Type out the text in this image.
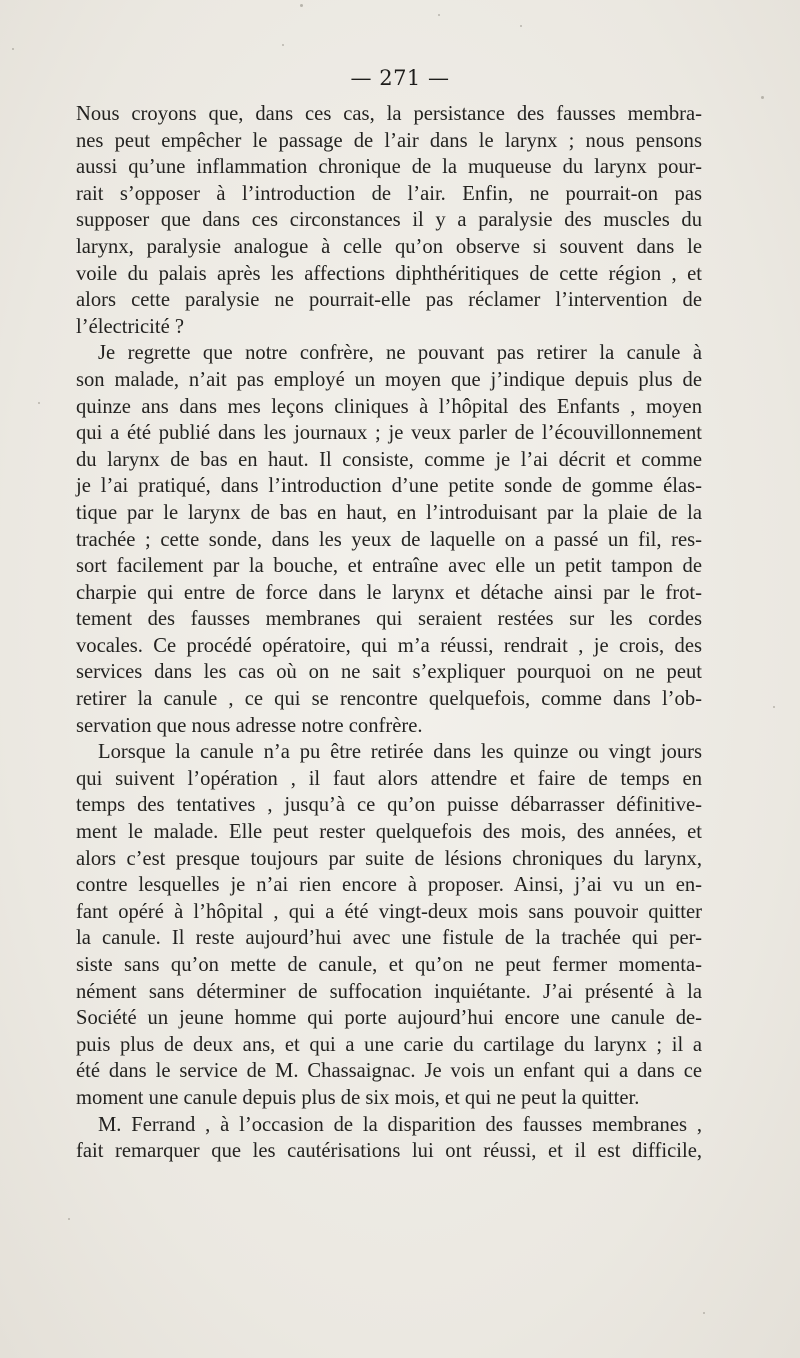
— 271 —
Nous croyons que, dans ces cas, la persistance des fausses membra-
nes peut empêcher le passage de l’air dans le larynx ; nous pensons
aussi qu’une inflammation chronique de la muqueuse du larynx pour-
rait s’opposer à l’introduction de l’air. Enfin, ne pourrait-on pas
supposer que dans ces circonstances il y a paralysie des muscles du
larynx, paralysie analogue à celle qu’on observe si souvent dans le
voile du palais après les affections diphthéritiques de cette région , et
alors cette paralysie ne pourrait-elle pas réclamer l’intervention de
l’électricité ?
Je regrette que notre confrère, ne pouvant pas retirer la canule à
son malade, n’ait pas employé un moyen que j’indique depuis plus de
quinze ans dans mes leçons cliniques à l’hôpital des Enfants , moyen
qui a été publié dans les journaux ; je veux parler de l’écouvillonnement
du larynx de bas en haut. Il consiste, comme je l’ai décrit et comme
je l’ai pratiqué, dans l’introduction d’une petite sonde de gomme élas-
tique par le larynx de bas en haut, en l’introduisant par la plaie de la
trachée ; cette sonde, dans les yeux de laquelle on a passé un fil, res-
sort facilement par la bouche, et entraîne avec elle un petit tampon de
charpie qui entre de force dans le larynx et détache ainsi par le frot-
tement des fausses membranes qui seraient restées sur les cordes
vocales. Ce procédé opératoire, qui m’a réussi, rendrait , je crois, des
services dans les cas où on ne sait s’expliquer pourquoi on ne peut
retirer la canule , ce qui se rencontre quelquefois, comme dans l’ob-
servation que nous adresse notre confrère.
Lorsque la canule n’a pu être retirée dans les quinze ou vingt jours
qui suivent l’opération , il faut alors attendre et faire de temps en
temps des tentatives , jusqu’à ce qu’on puisse débarrasser définitive-
ment le malade. Elle peut rester quelquefois des mois, des années, et
alors c’est presque toujours par suite de lésions chroniques du larynx,
contre lesquelles je n’ai rien encore à proposer. Ainsi, j’ai vu un en-
fant opéré à l’hôpital , qui a été vingt-deux mois sans pouvoir quitter
la canule. Il reste aujourd’hui avec une fistule de la trachée qui per-
siste sans qu’on mette de canule, et qu’on ne peut fermer momenta-
nément sans déterminer de suffocation inquiétante. J’ai présenté à la
Société un jeune homme qui porte aujourd’hui encore une canule de-
puis plus de deux ans, et qui a une carie du cartilage du larynx ; il a
été dans le service de M. Chassaignac. Je vois un enfant qui a dans ce
moment une canule depuis plus de six mois, et qui ne peut la quitter.
M. Ferrand , à l’occasion de la disparition des fausses membranes ,
fait remarquer que les cautérisations lui ont réussi, et il est difficile,
